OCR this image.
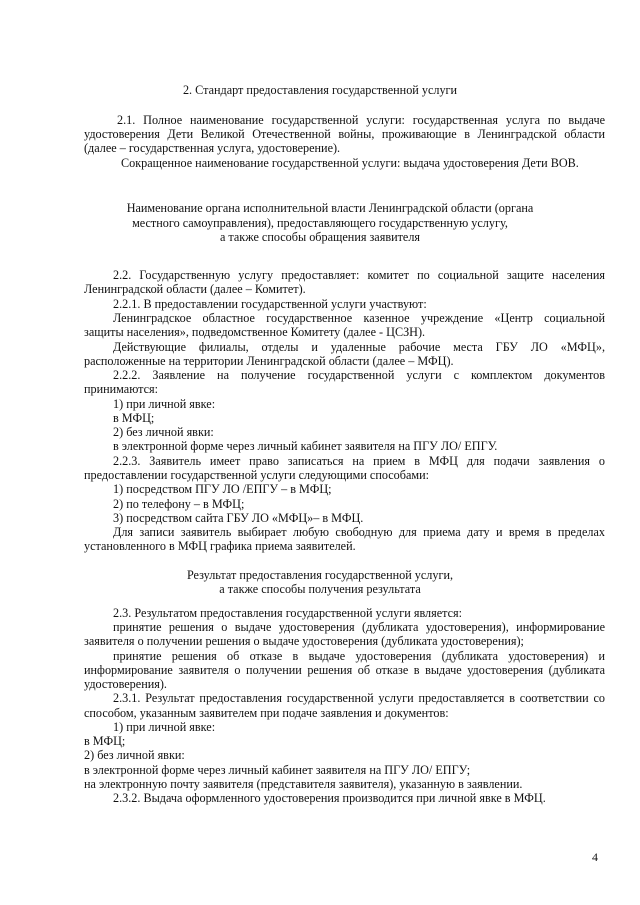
2. Стандарт предоставления государственной услуги
2.1. Полное наименование государственной услуги: государственная услуга по выдаче
удостоверения Дети Великой Отечественной войны, проживающие в Ленинградской области
(далее – государственная услуга, удостоверение).
Сокращенное наименование государственной услуги: выдача удостоверения Дети ВОВ.
Наименование органа исполнительной власти Ленинградской области (органа
местного самоуправления), предоставляющего государственную услугу,
а также способы обращения заявителя
2.2. Государственную услугу предоставляет: комитет по социальной защите населения
Ленинградской области (далее – Комитет).
2.2.1. В предоставлении государственной услуги участвуют:
Ленинградское областное государственное казенное учреждение «Центр социальной
защиты населения», подведомственное Комитету (далее - ЦСЗН).
Действующие филиалы, отделы и удаленные рабочие места ГБУ ЛО «МФЦ»,
расположенные на территории Ленинградской области (далее – МФЦ).
2.2.2. Заявление на получение государственной услуги с комплектом документов
принимаются:
1) при личной явке:
в МФЦ;
2) без личной явки:
в электронной форме через личный кабинет заявителя на ПГУ ЛО/ ЕПГУ.
2.2.3. Заявитель имеет право записаться на прием в МФЦ для подачи заявления о
предоставлении государственной услуги следующими способами:
1) посредством ПГУ ЛО /ЕПГУ – в МФЦ;
2) по телефону – в МФЦ;
3) посредством сайта ГБУ ЛО «МФЦ»– в МФЦ.
Для записи заявитель выбирает любую свободную для приема дату и время в пределах
установленного в МФЦ графика приема заявителей.
Результат предоставления государственной услуги,
а также способы получения результата
2.3. Результатом предоставления государственной услуги является:
принятие решения о выдаче удостоверения (дубликата удостоверения), информирование
заявителя о получении решения о выдаче удостоверения (дубликата удостоверения);
принятие решения об отказе в выдаче удостоверения (дубликата удостоверения) и
информирование заявителя о получении решения об отказе в выдаче удостоверения (дубликата
удостоверения).
2.3.1. Результат предоставления государственной услуги предоставляется в соответствии со
способом, указанным заявителем при подаче заявления и документов:
1) при личной явке:
в МФЦ;
2) без личной явки:
в электронной форме через личный кабинет заявителя на ПГУ ЛО/ ЕПГУ;
на электронную почту заявителя (представителя заявителя), указанную в заявлении.
2.3.2. Выдача оформленного удостоверения производится при личной явке в МФЦ.
4
